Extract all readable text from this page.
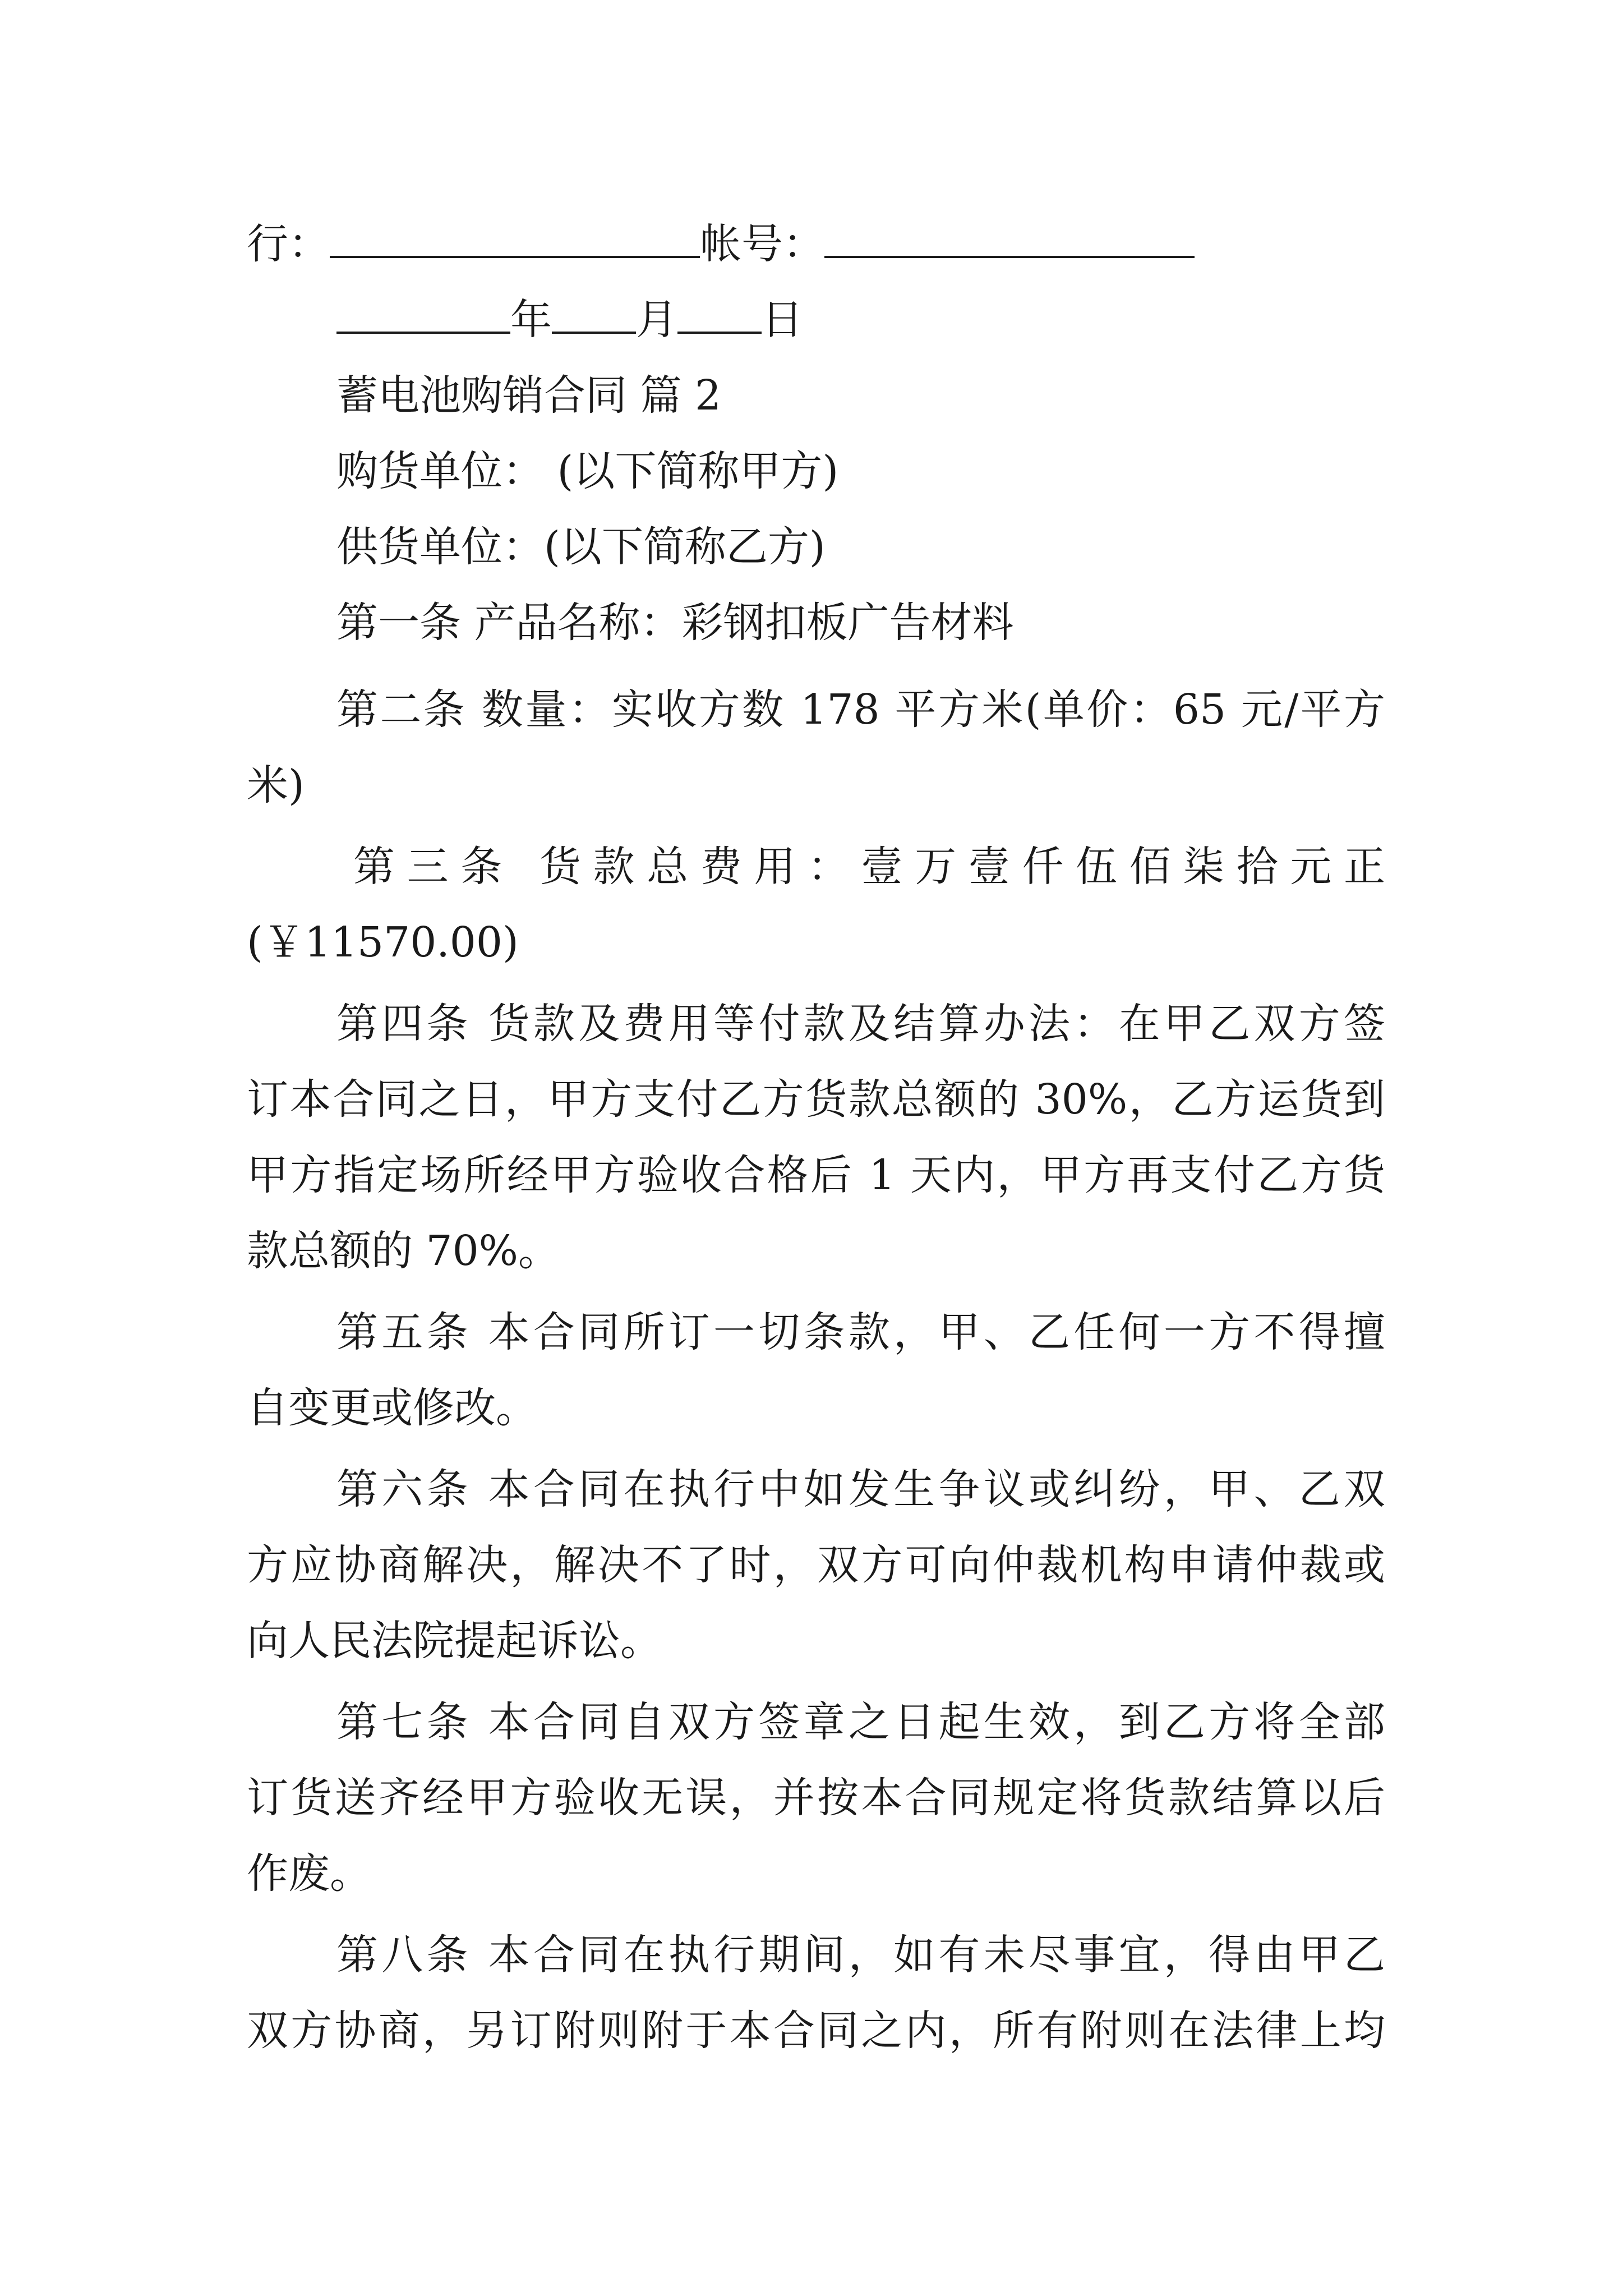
行：	帐号：
年 月 日
蓄电池购销合同 篇 2
购货单位： (以下简称甲方)
供货单位：(以下简称乙方)
第一条 产品名称：彩钢扣板广告材料
第二条 数量：实收方数 178 平方米(单价：65 元/平方
米)
第三条 货款总费用：壹万壹仟伍佰柒拾元正
(￥11570.00)
第四条 货款及费用等付款及结算办法：在甲乙双方签
订本合同之日，甲方支付乙方货款总额的 30%，乙方运货到
甲方指定场所经甲方验收合格后 1 天内，甲方再支付乙方货
款总额的 70%。
第五条 本合同所订一切条款，甲、乙任何一方不得擅
自变更或修改。
第六条 本合同在执行中如发生争议或纠纷，甲、乙双
方应协商解决，解决不了时，双方可向仲裁机构申请仲裁或
向人民法院提起诉讼。
第七条 本合同自双方签章之日起生效，到乙方将全部
订货送齐经甲方验收无误，并按本合同规定将货款结算以后
作废。
第八条 本合同在执行期间，如有未尽事宜，得由甲乙
双方协商，另订附则附于本合同之内，所有附则在法律上均
